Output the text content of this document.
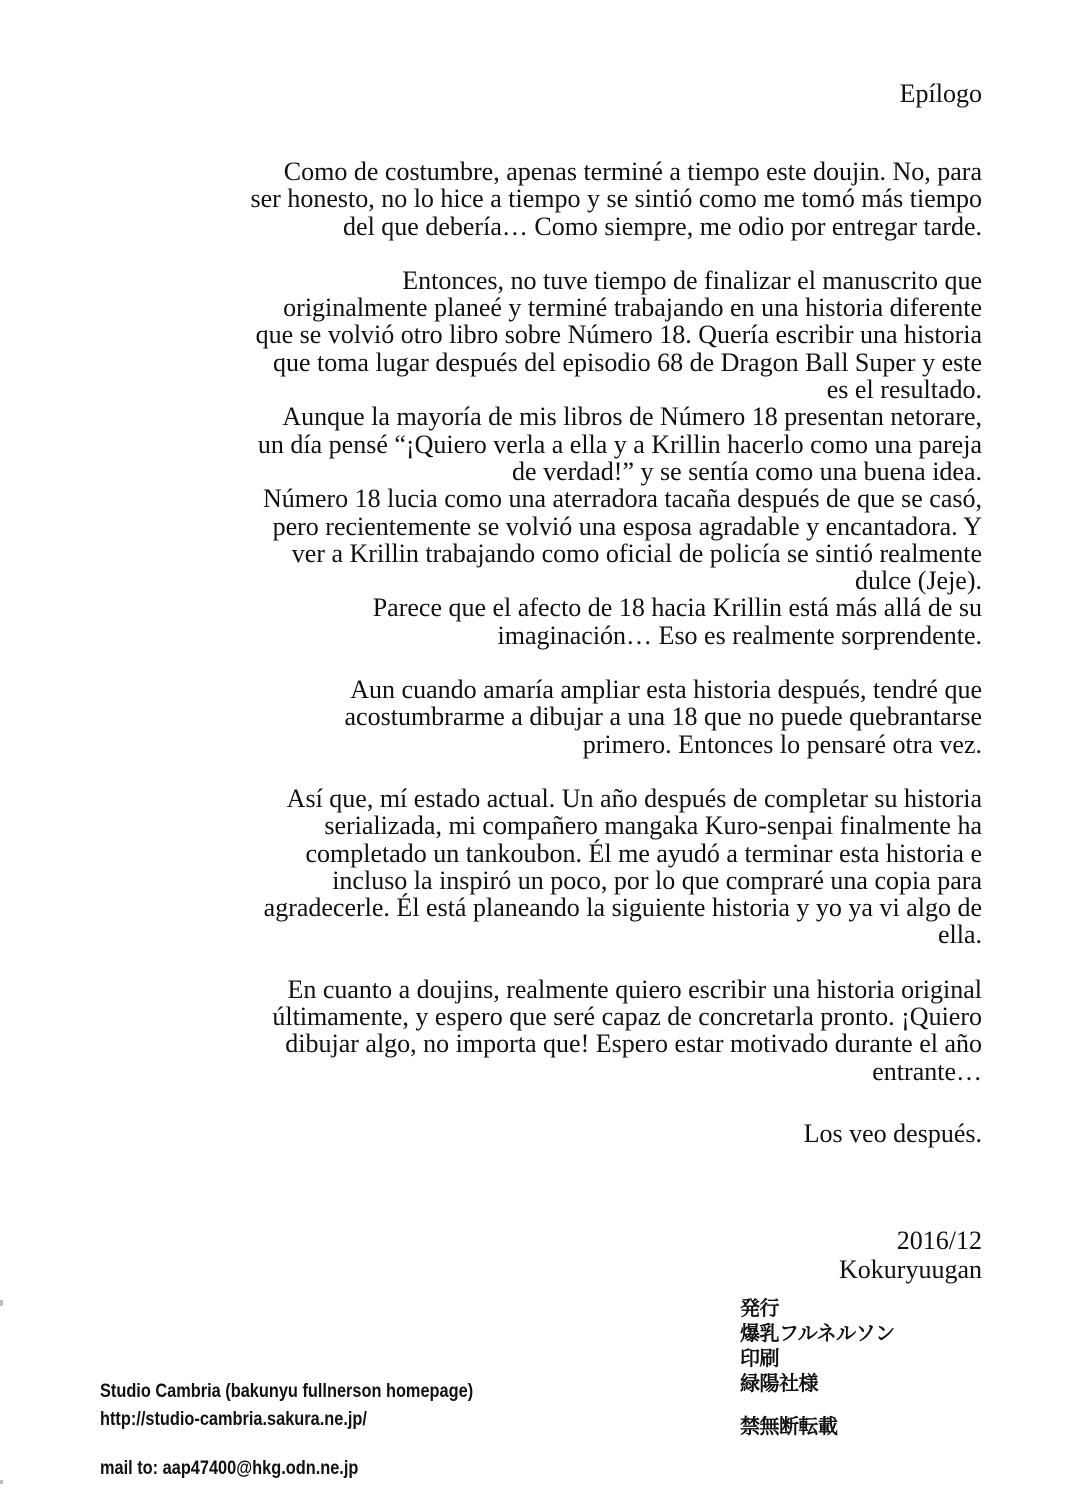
Epílogo

Como de costumbre, apenas terminé a tiempo este doujin. No, para
ser honesto, no lo hice a tiempo y se sintió como me tomó más tiempo
del que debería… Como siempre, me odio por entregar tarde.

Entonces, no tuve tiempo de finalizar el manuscrito que
originalmente planeé y terminé trabajando en una historia diferente
que se volvió otro libro sobre Número 18. Quería escribir una historia
que toma lugar después del episodio 68 de Dragon Ball Super y este
es el resultado.
Aunque la mayoría de mis libros de Número 18 presentan netorare,
un día pensé “¡Quiero verla a ella y a Krillin hacerlo como una pareja
de verdad!” y se sentía como una buena idea.
Número 18 lucia como una aterradora tacaña después de que se casó,
pero recientemente se volvió una esposa agradable y encantadora. Y
ver a Krillin trabajando como oficial de policía se sintió realmente
dulce (Jeje).
Parece que el afecto de 18 hacia Krillin está más allá de su
imaginación… Eso es realmente sorprendente.

Aun cuando amaría ampliar esta historia después, tendré que
acostumbrarme a dibujar a una 18 que no puede quebrantarse
primero. Entonces lo pensaré otra vez.

Así que, mí estado actual. Un año después de completar su historia
serializada, mi compañero mangaka Kuro-senpai finalmente ha
completado un tankoubon. Él me ayudó a terminar esta historia e
incluso la inspiró un poco, por lo que compraré una copia para
agradecerle. Él está planeando la siguiente historia y yo ya vi algo de
ella.

En cuanto a doujins, realmente quiero escribir una historia original
últimamente, y espero que seré capaz de concretarla pronto. ¡Quiero
dibujar algo, no importa que! Espero estar motivado durante el año
entrante…

Los veo después.
2016/12
Kokuryuugan
発行
爆乳フルネルソン
印刷
緑陽社様
禁無断転載
Studio Cambria (bakunyu fullnerson homepage)
http://studio-cambria.sakura.ne.jp/
mail to: aap47400@hkg.odn.ne.jp
